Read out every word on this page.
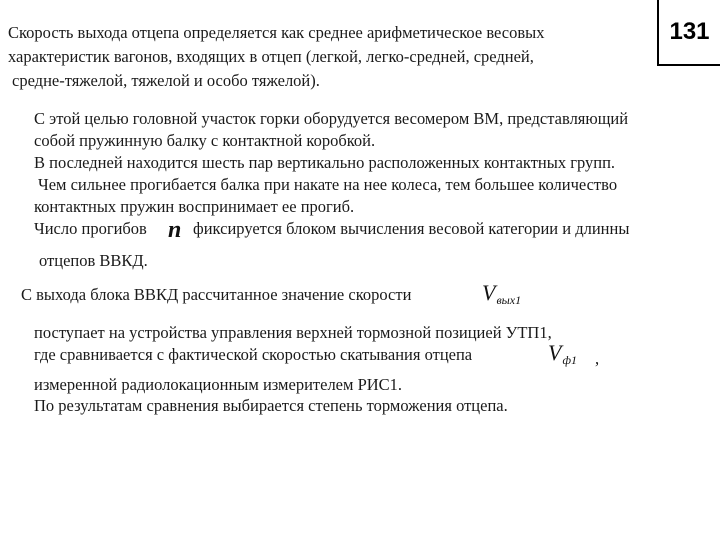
131
Скорость выхода отцепа определяется как среднее арифметическое весовых
характеристик вагонов, входящих в отцеп (легкой, легко-средней, средней,
средне-тяжелой, тяжелой и особо тяжелой).
С этой целью головной участок горки оборудуется весомером ВМ, представляющий
собой пружинную балку с контактной коробкой.
В последней находится шесть пар вертикально расположенных контактных групп.
Чем сильнее прогибается балка при накате на нее колеса, тем большее количество
контактных пружин воспринимает ее прогиб.
Число прогибов n фиксируется блоком вычисления весовой категории и длинны
отцепов ВВКД.
С выхода блока ВВКД рассчитанное значение скорости	Vвых1
поступает на устройства управления верхней тормозной позицией УТП1,
где сравнивается с фактической скоростью скатывания отцепа	Vф1 ,
измеренной радиолокационным измерителем РИС1.
По результатам сравнения выбирается степень торможения отцепа.
